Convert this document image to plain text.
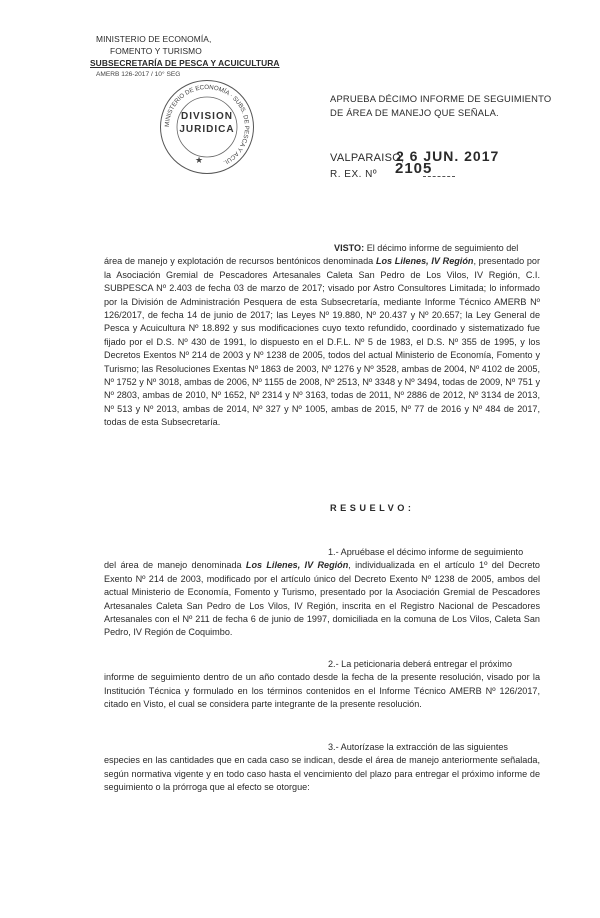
MINISTERIO DE ECONOMÍA,
FOMENTO Y TURISMO
SUBSECRETARÍA DE PESCA Y ACUICULTURA
AMERB 126-2017 / 10° SEG
MINISTERIO DE ECONOMÍA · SUBS. DE PESCA Y ACUI.
★
DIVISION
JURIDICA
APRUEBA DÉCIMO INFORME DE SEGUIMIENTO
DE ÁREA DE MANEJO QUE SEÑALA.
VALPARAISO,
2 6 JUN. 2017
R. EX. Nº 2105
VISTO: El décimo informe de seguimiento del
área de manejo y explotación de recursos bentónicos denominada Los Lilenes, IV Región, presentado por la Asociación Gremial de Pescadores Artesanales Caleta San Pedro de Los Vilos, IV Región, C.I. SUBPESCA Nº 2.403 de fecha 03 de marzo de 2017; visado por Astro Consultores Limitada; lo informado por la División de Administración Pesquera de esta Subsecretaría, mediante Informe Técnico AMERB Nº 126/2017, de fecha 14 de junio de 2017; las Leyes Nº 19.880, Nº 20.437 y Nº 20.657; la Ley General de Pesca y Acuicultura Nº 18.892 y sus modificaciones cuyo texto refundido, coordinado y sistematizado fue fijado por el D.S. Nº 430 de 1991, lo dispuesto en el D.F.L. Nº 5 de 1983, el D.S. Nº 355 de 1995, y los Decretos Exentos Nº 214 de 2003 y Nº 1238 de 2005, todos del actual Ministerio de Economía, Fomento y Turismo; las Resoluciones Exentas Nº 1863 de 2003, Nº 1276 y Nº 3528, ambas de 2004, Nº 4102 de 2005, Nº 1752 y Nº 3018, ambas de 2006, Nº 1155 de 2008, Nº 2513, Nº 3348 y Nº 3494, todas de 2009, Nº 751 y Nº 2803, ambas de 2010, Nº 1652, Nº 2314 y Nº 3163, todas de 2011, Nº 2886 de 2012, Nº 3134 de 2013, Nº 513 y Nº 2013, ambas de 2014, Nº 327 y Nº 1005, ambas de 2015, Nº 77 de 2016 y Nº 484 de 2017, todas de esta Subsecretaría.
RESUELVO:
1.- Apruébase el décimo informe de seguimiento
del área de manejo denominada Los Lilenes, IV Región, individualizada en el artículo 1º del Decreto Exento Nº 214 de 2003, modificado por el artículo único del Decreto Exento Nº 1238 de 2005, ambos del actual Ministerio de Economía, Fomento y Turismo, presentado por la Asociación Gremial de Pescadores Artesanales Caleta San Pedro de Los Vilos, IV Región, inscrita en el Registro Nacional de Pescadores Artesanales con el Nº 211 de fecha 6 de junio de 1997, domiciliada en la comuna de Los Vilos, Caleta San Pedro, IV Región de Coquimbo.
2.- La peticionaria deberá entregar el próximo
informe de seguimiento dentro de un año contado desde la fecha de la presente resolución, visado por la Institución Técnica y formulado en los términos contenidos en el Informe Técnico AMERB Nº 126/2017, citado en Visto, el cual se considera parte integrante de la presente resolución.
3.- Autorízase la extracción de las siguientes
especies en las cantidades que en cada caso se indican, desde el área de manejo anteriormente señalada, según normativa vigente y en todo caso hasta el vencimiento del plazo para entregar el próximo informe de seguimiento o la prórroga que al efecto se otorgue:
